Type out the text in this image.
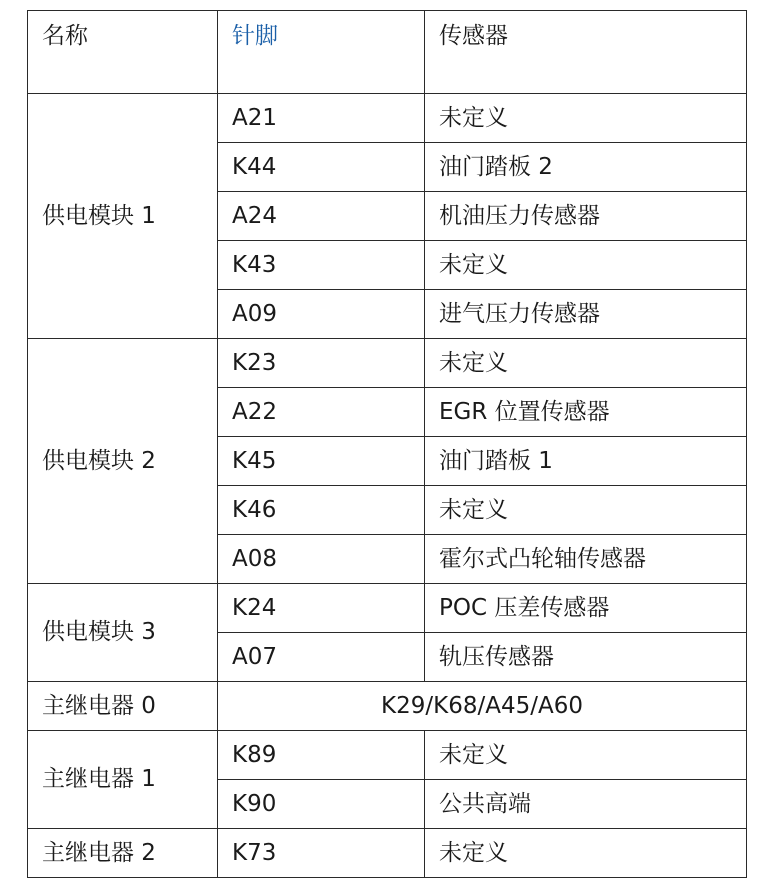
名称	针脚	传感器
供电模块 1	A21	未定义
	K44	油门踏板 2
	A24	机油压力传感器
	K43	未定义
	A09	进气压力传感器
供电模块 2	K23	未定义
	A22	EGR 位置传感器
	K45	油门踏板 1
	K46	未定义
	A08	霍尔式凸轮轴传感器
供电模块 3	K24	POC 压差传感器
	A07	轨压传感器
主继电器 0	K29/K68/A45/A60	
主继电器 1	K89	未定义
	K90	公共高端
主继电器 2	K73	未定义
